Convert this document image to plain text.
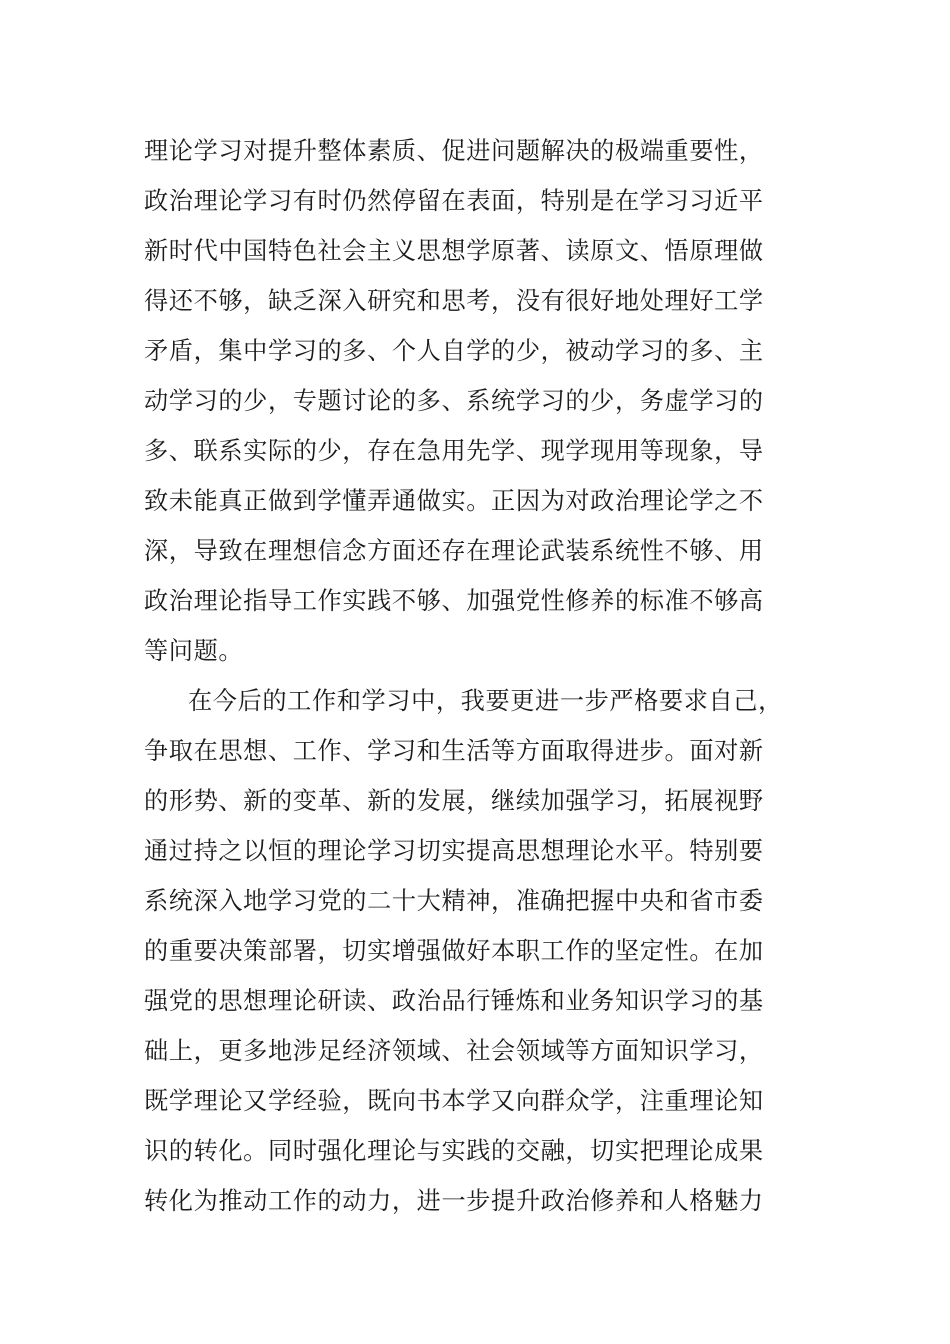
理论学习对提升整体素质、促进问题解决的极端重要性，
政治理论学习有时仍然停留在表面，特别是在学习习近平
新时代中国特色社会主义思想学原著、读原文、悟原理做
得还不够，缺乏深入研究和思考，没有很好地处理好工学
矛盾，集中学习的多、个人自学的少，被动学习的多、主
动学习的少，专题讨论的多、系统学习的少，务虚学习的
多、联系实际的少，存在急用先学、现学现用等现象，导
致未能真正做到学懂弄通做实。正因为对政治理论学之不
深，导致在理想信念方面还存在理论武装系统性不够、用
政治理论指导工作实践不够、加强党性修养的标准不够高
等问题。
在今后的工作和学习中，我要更进一步严格要求自己，
争取在思想、工作、学习和生活等方面取得进步。面对新
的形势、新的变革、新的发展，继续加强学习，拓展视野
通过持之以恒的理论学习切实提高思想理论水平。特别要
系统深入地学习党的二十大精神，准确把握中央和省市委
的重要决策部署，切实增强做好本职工作的坚定性。在加
强党的思想理论研读、政治品行锤炼和业务知识学习的基
础上，更多地涉足经济领域、社会领域等方面知识学习，
既学理论又学经验，既向书本学又向群众学，注重理论知
识的转化。同时强化理论与实践的交融，切实把理论成果
转化为推动工作的动力，进一步提升政治修养和人格魅力
